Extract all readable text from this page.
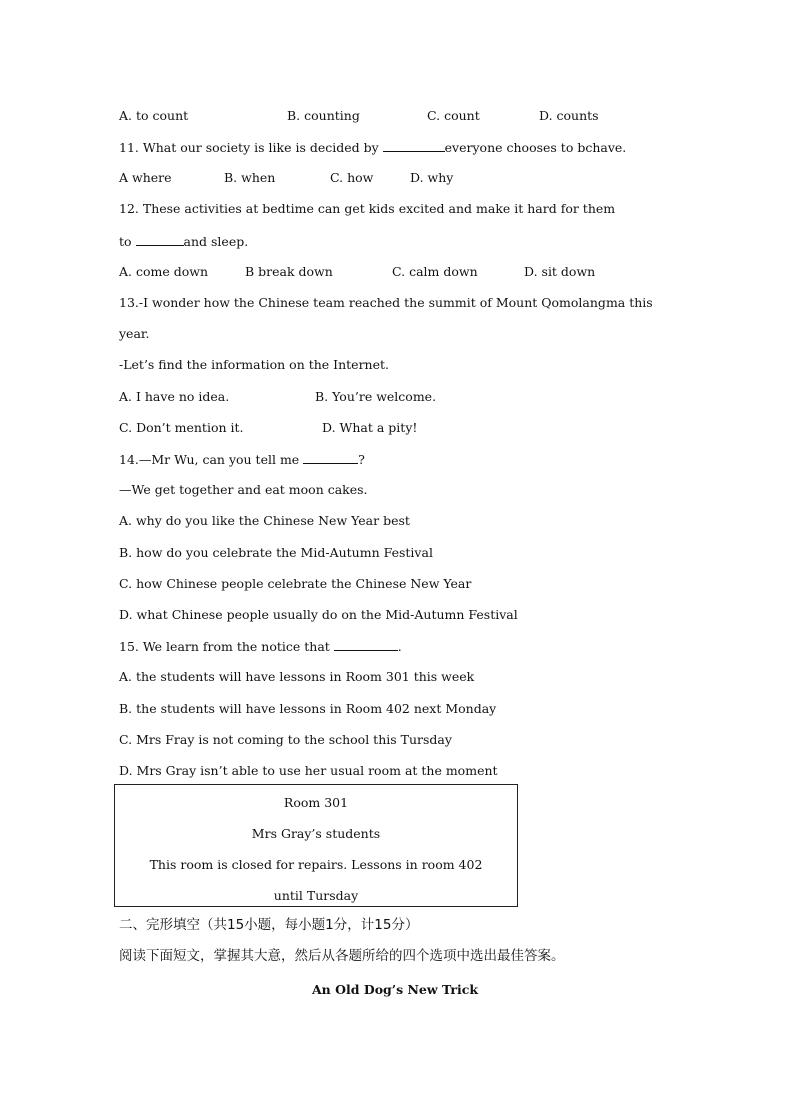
A. to count	B. counting	C. count	D. counts
11. What our society is like is decided by	everyone chooses to bchave.
A where	B. when	C. how	D. why
12. These activities at bedtime can get kids excited and make it hard for them
to	and sleep.
A. come down	B break down	C. calm down	D. sit down
13.-I wonder how the Chinese team reached the summit of Mount Qomolangma this
year.
-Let’s find the information on the Internet.
A. I have no idea.	B. You’re welcome.
C. Don’t mention it.	D. What a pity!
14.—Mr Wu, can you tell me	?
—We get together and eat moon cakes.
A. why do you like the Chinese New Year best
B. how do you celebrate the Mid-Autumn Festival
C. how Chinese people celebrate the Chinese New Year
D. what Chinese people usually do on the Mid-Autumn Festival
15. We learn from the notice that	.
A. the students will have lessons in Room 301 this week
B. the students will have lessons in Room 402 next Monday
C. Mrs Fray is not coming to the school this Tursday
D. Mrs Gray isn’t able to use her usual room at the moment
Room 301
Mrs Gray’s students
This room is closed for repairs. Lessons in room 402
until Tursday
二、完形填空（共15小题，每小题1分，计15分）
阅读下面短文，掌握其大意，然后从各题所给的四个选项中选出最佳答案。
An Old Dog’s New Trick
